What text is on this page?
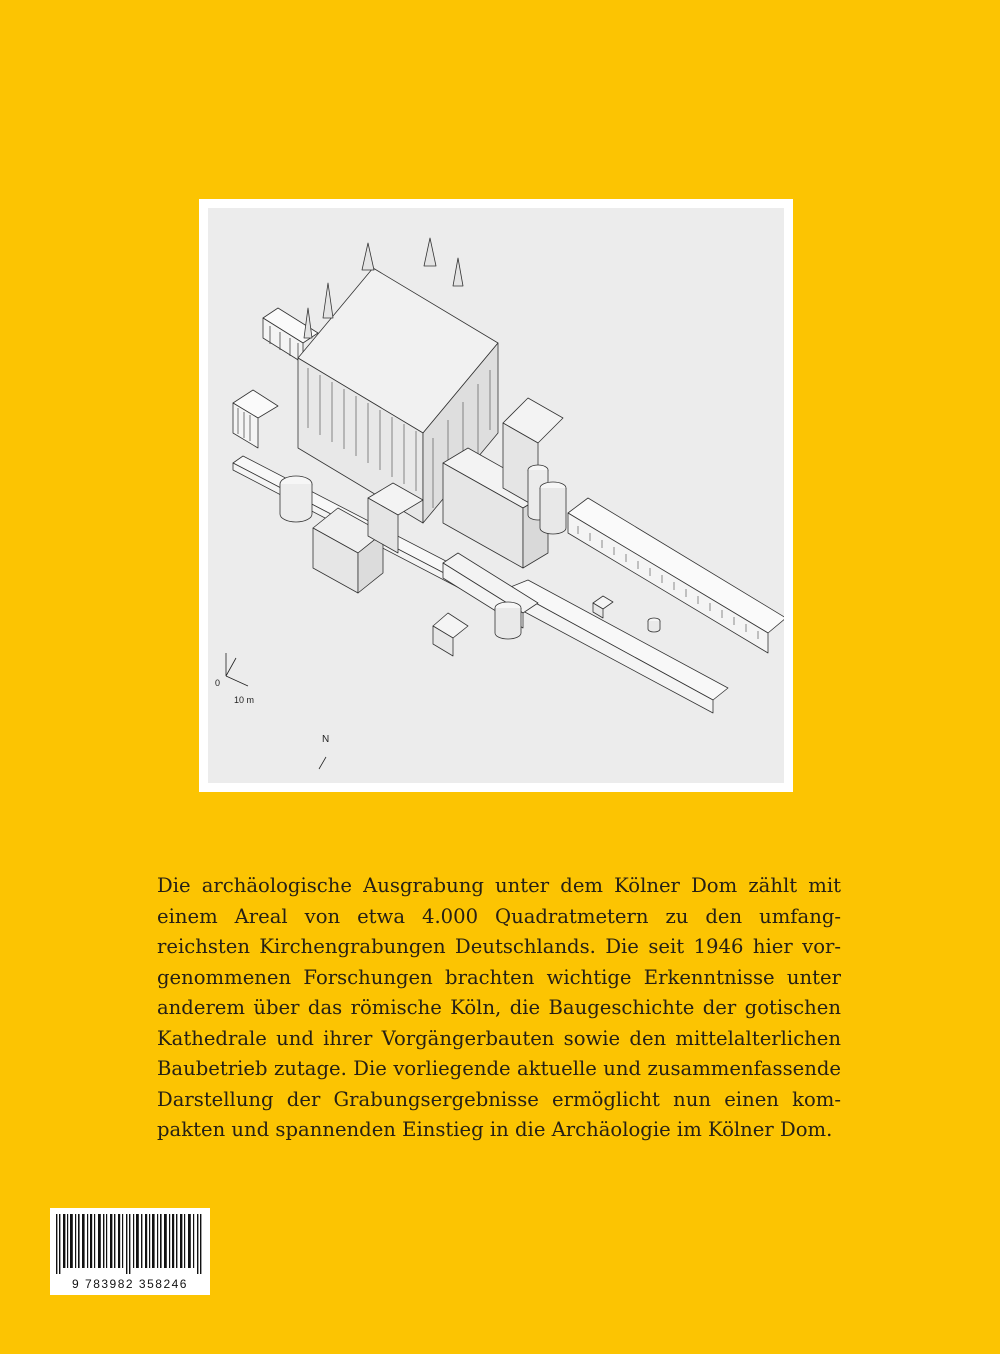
0
10 m
N

Die archäologische Ausgrabung unter dem Kölner Dom zählt mit
einem Areal von etwa 4.000 Quadratmetern zu den umfang-
reichsten Kirchengrabungen Deutschlands. Die seit 1946 hier vor-
genommenen Forschungen brachten wichtige Erkenntnisse unter
anderem über das römische Köln, die Baugeschichte der gotischen
Kathedrale und ihrer Vorgängerbauten sowie den mittelalterlichen
Baubetrieb zutage. Die vorliegende aktuelle und zusammenfassende
Darstellung der Grabungsergebnisse ermöglicht nun einen kom-
pakten und spannenden Einstieg in die Archäologie im Kölner Dom.

9 783982 358246
